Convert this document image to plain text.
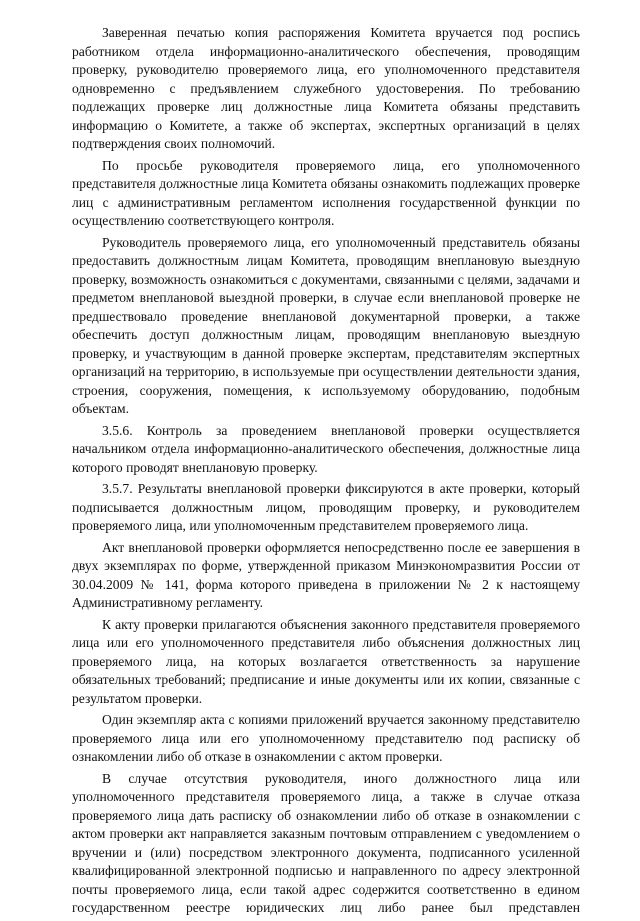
Заверенная печатью копия распоряжения Комитета вручается под роспись работником отдела информационно-аналитического обеспечения, проводящим проверку, руководителю проверяемого лица, его уполномоченного представителя одновременно с предъявлением служебного удостоверения. По требованию подлежащих проверке лиц должностные лица Комитета обязаны представить информацию о Комитете, а также об экспертах, экспертных организаций в целях подтверждения своих полномочий.

По просьбе руководителя проверяемого лица, его уполномоченного представителя должностные лица Комитета обязаны ознакомить подлежащих проверке лиц с административным регламентом исполнения государственной функции по осуществлению соответствующего контроля.

Руководитель проверяемого лица, его уполномоченный представитель обязаны предоставить должностным лицам Комитета, проводящим внеплановую выездную проверку, возможность ознакомиться с документами, связанными с целями, задачами и предметом внеплановой выездной проверки, в случае если внеплановой проверке не предшествовало проведение внеплановой документарной проверки, а также обеспечить доступ должностным лицам, проводящим внеплановую выездную проверку, и участвующим в данной проверке экспертам, представителям экспертных организаций на территорию, в используемые при осуществлении деятельности здания, строения, сооружения, помещения, к используемому оборудованию, подобным объектам.

3.5.6. Контроль за проведением внеплановой проверки осуществляется начальником отдела информационно-аналитического обеспечения, должностные лица которого проводят внеплановую проверку.

3.5.7. Результаты внеплановой проверки фиксируются в акте проверки, который подписывается должностным лицом, проводящим проверку, и руководителем проверяемого лица, или уполномоченным представителем проверяемого лица.

Акт внеплановой проверки оформляется непосредственно после ее завершения в двух экземплярах по форме, утвержденной приказом Минэкономразвития России от 30.04.2009 № 141, форма которого приведена в приложении № 2 к настоящему Административному регламенту.

К акту проверки прилагаются объяснения законного представителя проверяемого лица или его уполномоченного представителя либо объяснения должностных лиц проверяемого лица, на которых возлагается ответственность за нарушение обязательных требований; предписание и иные документы или их копии, связанные с результатом проверки.

Один экземпляр акта с копиями приложений вручается законному представителю проверяемого лица или его уполномоченному представителю под расписку об ознакомлении либо об отказе в ознакомлении с актом проверки.

В случае отсутствия руководителя, иного должностного лица или уполномоченного представителя проверяемого лица, а также в случае отказа проверяемого лица дать расписку об ознакомлении либо об отказе в ознакомлении с актом проверки акт направляется заказным почтовым отправлением с уведомлением о вручении и (или) посредством электронного документа, подписанного усиленной квалифицированной электронной подписью и направленного по адресу электронной почты проверяемого лица, если такой адрес содержится соответственно в едином государственном реестре юридических лиц либо ранее был представлен
